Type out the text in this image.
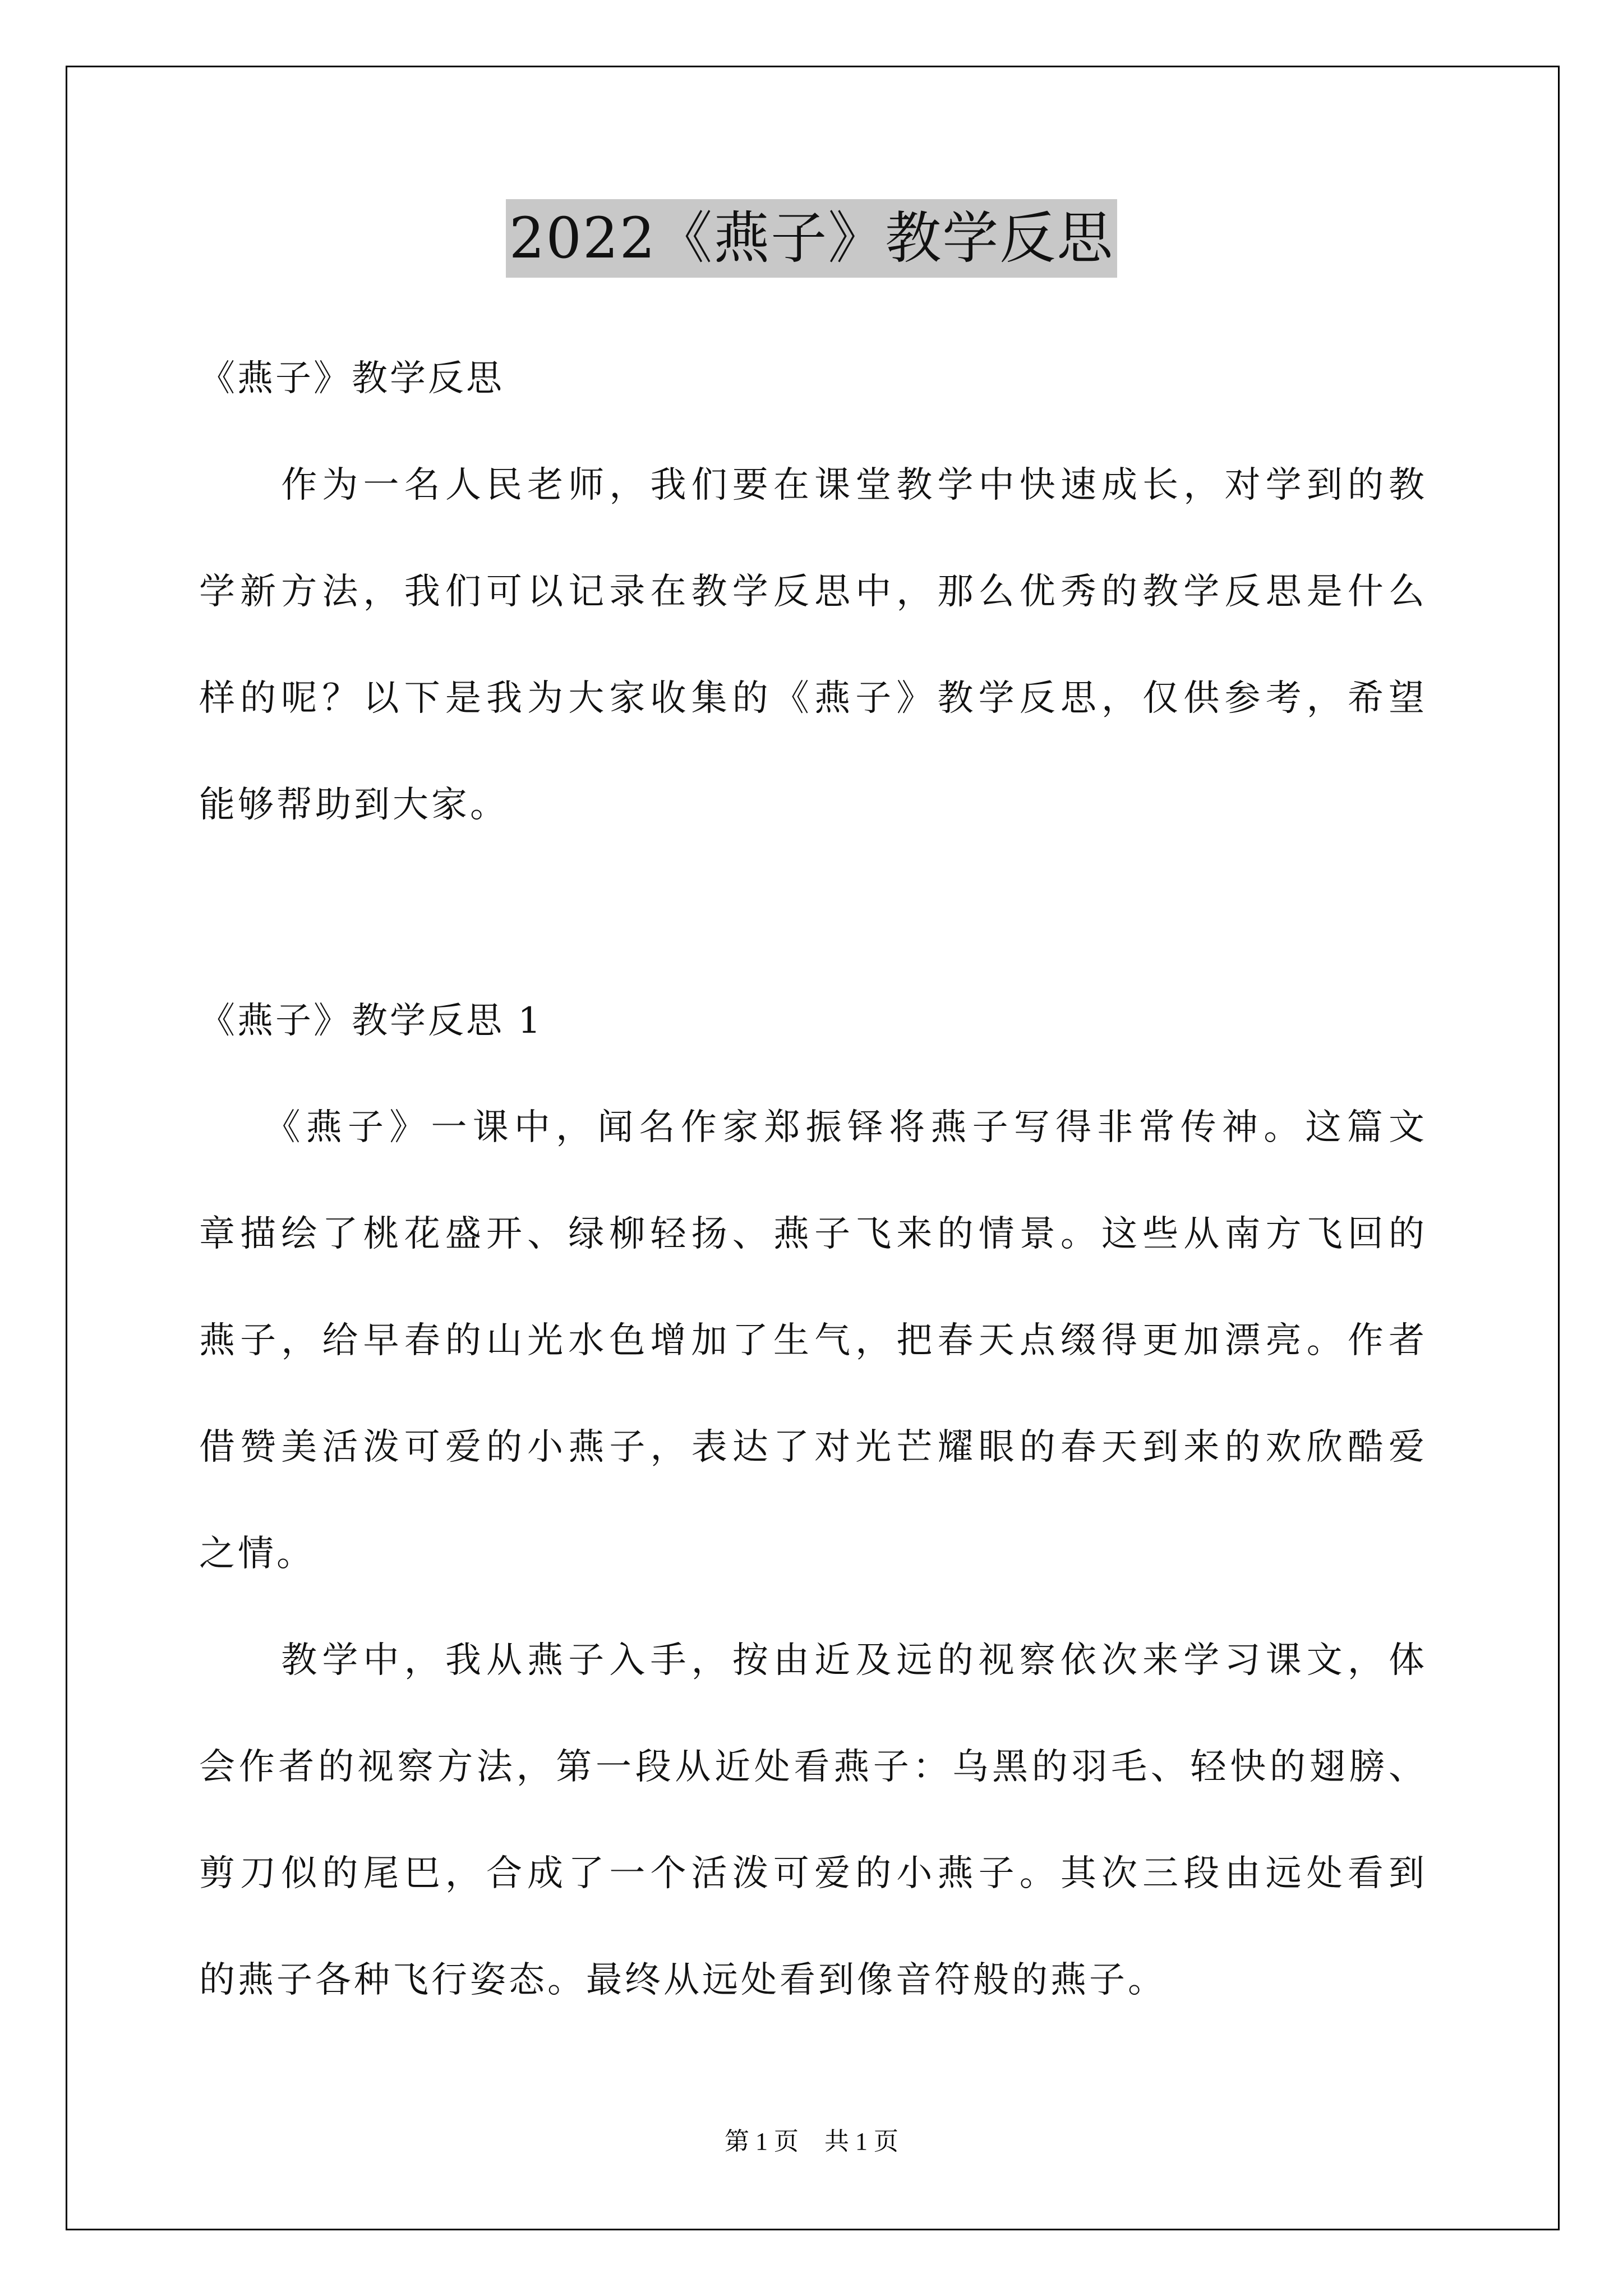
2022《燕子》教学反思
《燕子》教学反思
　　作为一名人民老师，我们要在课堂教学中快速成长，对学到的教
学新方法，我们可以记录在教学反思中，那么优秀的教学反思是什么
样的呢？以下是我为大家收集的《燕子》教学反思，仅供参考，希望
能够帮助到大家。
《燕子》教学反思 1
　　《燕子》一课中，闻名作家郑振铎将燕子写得非常传神。这篇文
章描绘了桃花盛开、绿柳轻扬、燕子飞来的情景。这些从南方飞回的
燕子，给早春的山光水色增加了生气，把春天点缀得更加漂亮。作者
借赞美活泼可爱的小燕子，表达了对光芒耀眼的春天到来的欢欣酷爱
之情。
　　教学中，我从燕子入手，按由近及远的视察依次来学习课文，体
会作者的视察方法，第一段从近处看燕子：乌黑的羽毛、轻快的翅膀、
剪刀似的尾巴，合成了一个活泼可爱的小燕子。其次三段由远处看到
的燕子各种飞行姿态。最终从远处看到像音符般的燕子。
第 1 页 共 1 页
